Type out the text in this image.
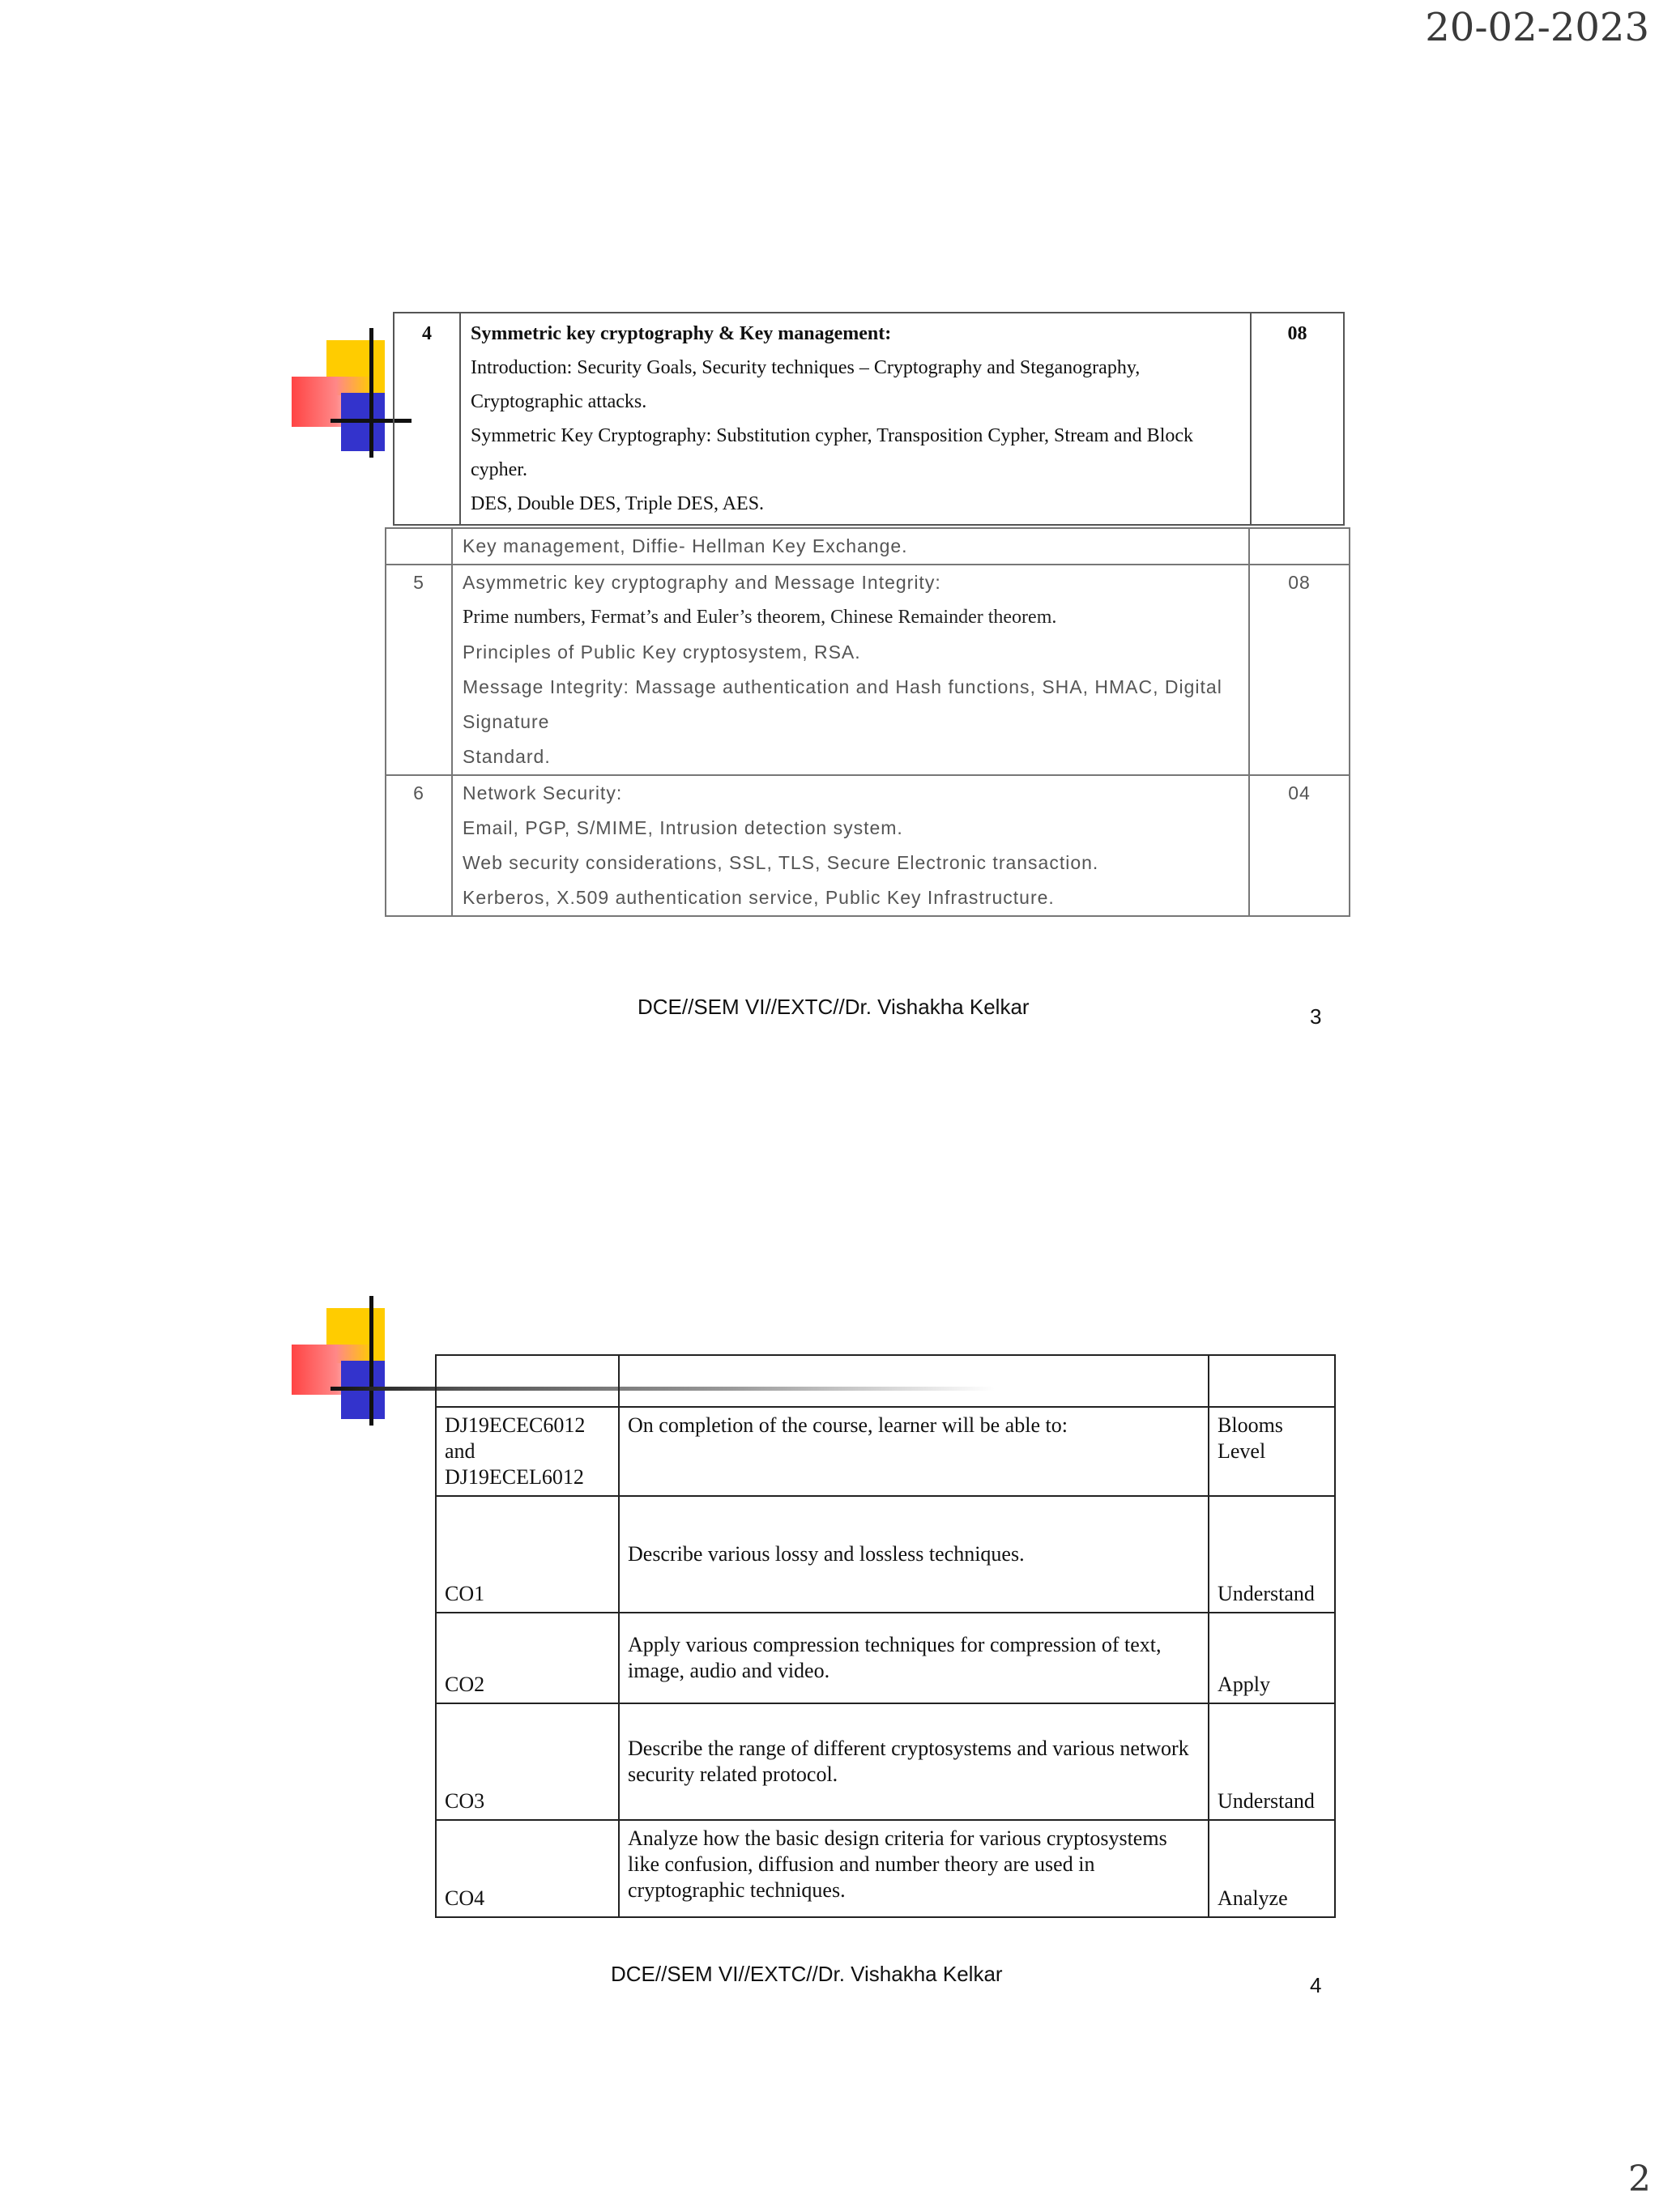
20-02-2023
4	Symmetric key cryptography & Key management:
Introduction: Security Goals, Security techniques – Cryptography and Steganography,
Cryptographic attacks.
Symmetric Key Cryptography: Substitution cypher, Transposition Cypher, Stream and Block
cypher.
DES, Double DES, Triple DES, AES.
	08
	Key management, Diffie- Hellman Key Exchange.	
5	Asymmetric key cryptography and Message Integrity:
Prime numbers, Fermat’s and Euler’s theorem, Chinese Remainder theorem.
Principles of Public Key cryptosystem, RSA.
Message Integrity: Massage authentication and Hash functions, SHA, HMAC, Digital Signature
Standard.	08
6	Network Security:
Email, PGP, S/MIME, Intrusion detection system.
Web security considerations, SSL, TLS, Secure Electronic transaction.
Kerberos, X.509 authentication service, Public Key Infrastructure.	04
DCE//SEM VI//EXTC//Dr. Vishakha Kelkar	3

DJ19ECEC6012 and DJ19ECEL6012	On completion of the course, learner will be able to:	Blooms Level
CO1	Describe various lossy and lossless techniques.	Understand
CO2	Apply various compression techniques for compression of text, image, audio and video.	Apply
CO3	Describe the range of different cryptosystems and various network security related protocol.	Understand
CO4	Analyze how the basic design criteria for various cryptosystems like confusion, diffusion and number theory are used in cryptographic techniques.	Analyze
DCE//SEM VI//EXTC//Dr. Vishakha Kelkar	4
2
